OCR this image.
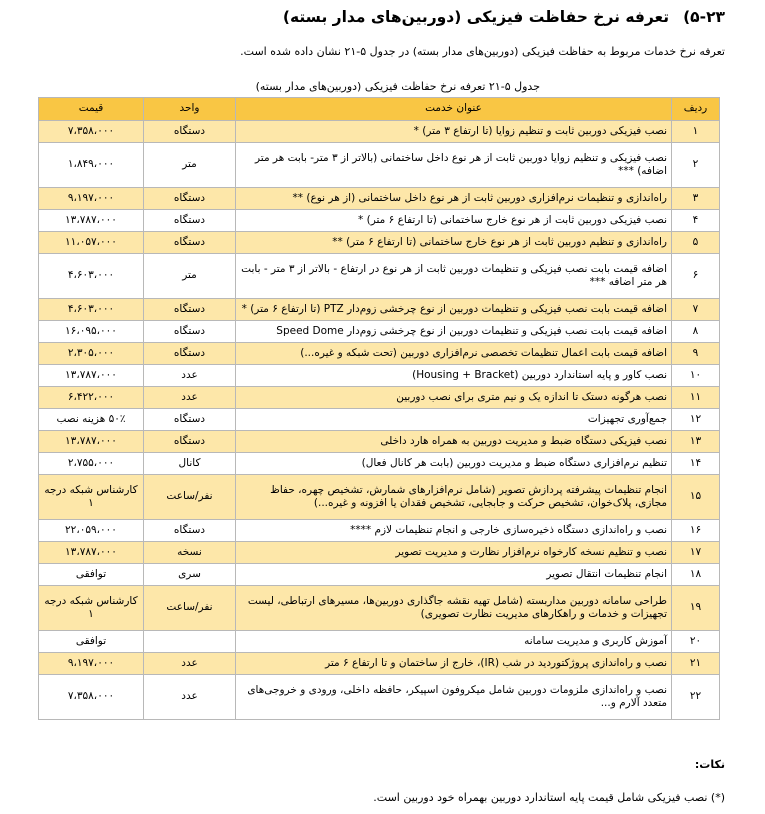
۵-۲۳)تعرفه نرخ حفاظت فیزیکی (دوربین‌های مدار بسته)
تعرفه نرخ خدمات مربوط به حفاظت فیزیکی (دوربین‌های مدار بسته) در جدول ۵-۲۱ نشان داده شده است.
جدول ۵-۲۱ تعرفه نرخ حفاظت فیزیکی (دوربین‌های مدار بسته)
ردیف	عنوان خدمت	واحد	قیمت
۱	نصب فیزیکی دوربین ثابت و تنظیم زوایا (تا ارتفاع ۳ متر) *	دستگاه	۷،۳۵۸،۰۰۰
۲	نصب فیزیکی و تنظیم زوایا دوربین ثابت از هر نوع داخل ساختمانی (بالاتر از ۳ متر- بابت هر متر اضافه) ***	متر	۱،۸۴۹،۰۰۰
۳	راه‌اندازی و تنظیمات نرم‌افزاری دوربین ثابت از هر نوع داخل ساختمانی (از هر نوع) **	دستگاه	۹،۱۹۷،۰۰۰
۴	نصب فیزیکی دوربین ثابت از هر نوع خارج ساختمانی (تا ارتفاع ۶ متر) *	دستگاه	۱۳،۷۸۷،۰۰۰
۵	راه‌اندازی و تنظیم دوربین ثابت از هر نوع خارج ساختمانی (تا ارتفاع ۶ متر) **	دستگاه	۱۱،۰۵۷،۰۰۰
۶	اضافه قیمت بابت نصب فیزیکی و تنظیمات دوربین ثابت از هر نوع در ارتفاع - بالاتر از ۳ متر - بابت هر متر اضافه ***	متر	۴،۶۰۳،۰۰۰
۷	اضافه قیمت بابت نصب فیزیکی و تنظیمات دوربین از نوع چرخشی زوم‌دار PTZ (تا ارتفاع ۶ متر) *	دستگاه	۴،۶۰۳،۰۰۰
۸	اضافه قیمت بابت نصب فیزیکی و تنظیمات دوربین از نوع چرخشی زوم‌دار Speed Dome	دستگاه	۱۶،۰۹۵،۰۰۰
۹	اضافه قیمت بابت اعمال تنظیمات تخصصی نرم‌افزاری دوربین (تحت شبکه و غیره...)	دستگاه	۲،۳۰۵،۰۰۰
۱۰	نصب کاور و پایه استاندارد دوربین (Housing + Bracket)	عدد	۱۳،۷۸۷،۰۰۰
۱۱	نصب هرگونه دستک تا اندازه یک و نیم متری برای نصب دوربین	عدد	۶،۴۲۲،۰۰۰
۱۲	جمع‌آوری تجهیزات	دستگاه	۵۰٪ هزینه نصب
۱۳	نصب فیزیکی دستگاه ضبط و مدیریت دوربین به همراه هارد داخلی	دستگاه	۱۳،۷۸۷،۰۰۰
۱۴	تنظیم نرم‌افزاری دستگاه ضبط و مدیریت دوربین (بابت هر کانال فعال)	کانال	۲،۷۵۵،۰۰۰
۱۵	انجام تنظیمات پیشرفته پردازش تصویر (شامل نرم‌افزارهای شمارش، تشخیص چهره، حفاظ مجازی، پلاک‌خوان، تشخیص حرکت و جابجایی، تشخیص فقدان یا افزونه و غیره...)	نفر/ساعت	کارشناس شبکه درجه ۱
۱۶	نصب و راه‌اندازی دستگاه ذخیره‌سازی خارجی و انجام تنظیمات لازم ****	دستگاه	۲۲،۰۵۹،۰۰۰
۱۷	نصب و تنظیم نسخه کارخواه نرم‌افزار نظارت و مدیریت تصویر	نسخه	۱۳،۷۸۷،۰۰۰
۱۸	انجام تنظیمات انتقال تصویر	سری	توافقی
۱۹	طراحی سامانه دوربین مداربسته (شامل تهیه نقشه جاگذاری دوربین‌ها، مسیرهای ارتباطی، لیست تجهیزات و خدمات و راهکارهای مدیریت نظارت تصویری)	نفر/ساعت	کارشناس شبکه درجه ۱
۲۰	آموزش کاربری و مدیریت سامانه		توافقی
۲۱	نصب و راه‌اندازی پروژکتوردید در شب (IR)، خارج از ساختمان و تا ارتفاع ۶ متر	عدد	۹،۱۹۷،۰۰۰
۲۲	نصب و راه‌اندازی ملزومات دوربین شامل میکروفون اسپیکر، حافظه داخلی، ورودی و خروجی‌های متعدد آلارم و...	عدد	۷،۳۵۸،۰۰۰
نکات:
(*) نصب فیزیکی شامل قیمت پایه استاندارد دوربین بهمراه خود دوربین است.
